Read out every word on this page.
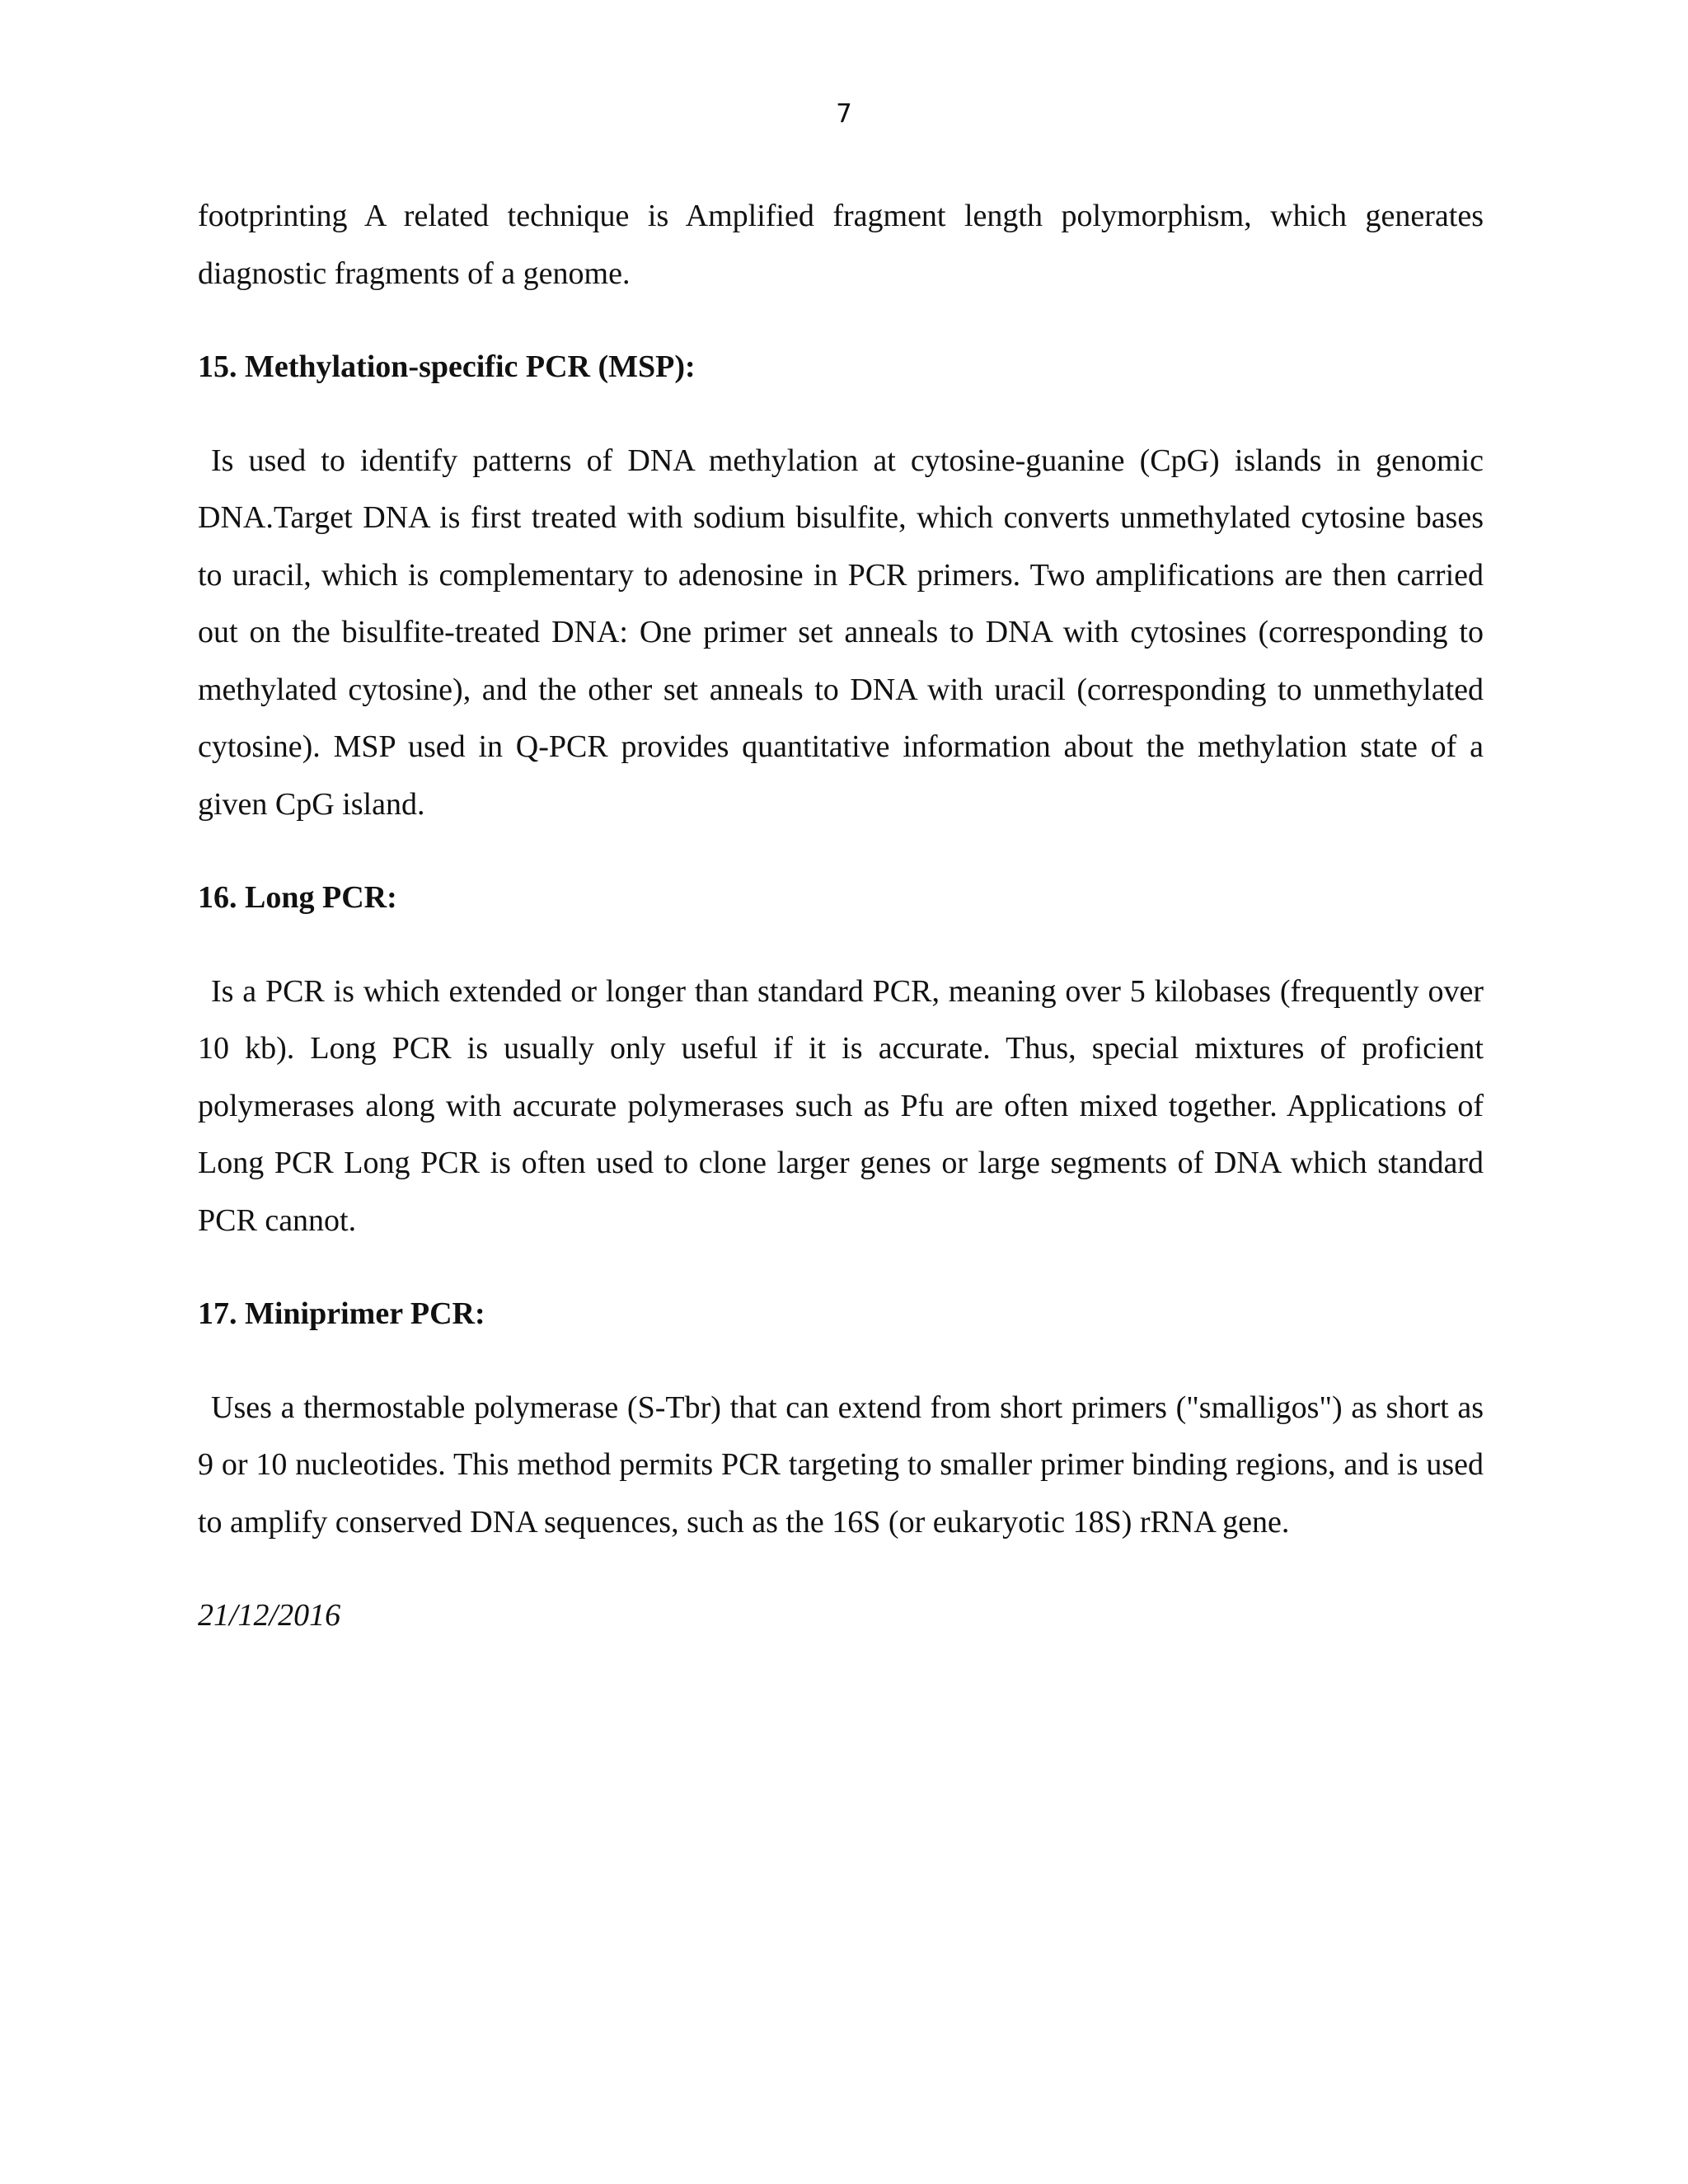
7

footprinting A related technique is Amplified fragment length polymorphism, which generates diagnostic fragments of a genome.

15. Methylation-specific PCR (MSP):

Is used to identify patterns of DNA methylation at cytosine-guanine (CpG) islands in genomic DNA.Target DNA is first treated with sodium bisulfite, which converts unmethylated cytosine bases to uracil, which is complementary to adenosine in PCR primers. Two amplifications are then carried out on the bisulfite-treated DNA: One primer set anneals to DNA with cytosines (corresponding to methylated cytosine), and the other set anneals to DNA with uracil (corresponding to unmethylated cytosine). MSP used in Q-PCR provides quantitative information about the methylation state of a given CpG island.

16. Long PCR:

Is a PCR is which extended or longer than standard PCR, meaning over 5 kilobases (frequently over 10 kb). Long PCR is usually only useful if it is accurate. Thus, special mixtures of proficient polymerases along with accurate polymerases such as Pfu are often mixed together. Applications of Long PCR Long PCR is often used to clone larger genes or large segments of DNA which standard PCR cannot.

17. Miniprimer PCR:

Uses a thermostable polymerase (S-Tbr) that can extend from short primers ("smalligos") as short as 9 or 10 nucleotides. This method permits PCR targeting to smaller primer binding regions, and is used to amplify conserved DNA sequences, such as the 16S (or eukaryotic 18S) rRNA gene.

21/12/2016
